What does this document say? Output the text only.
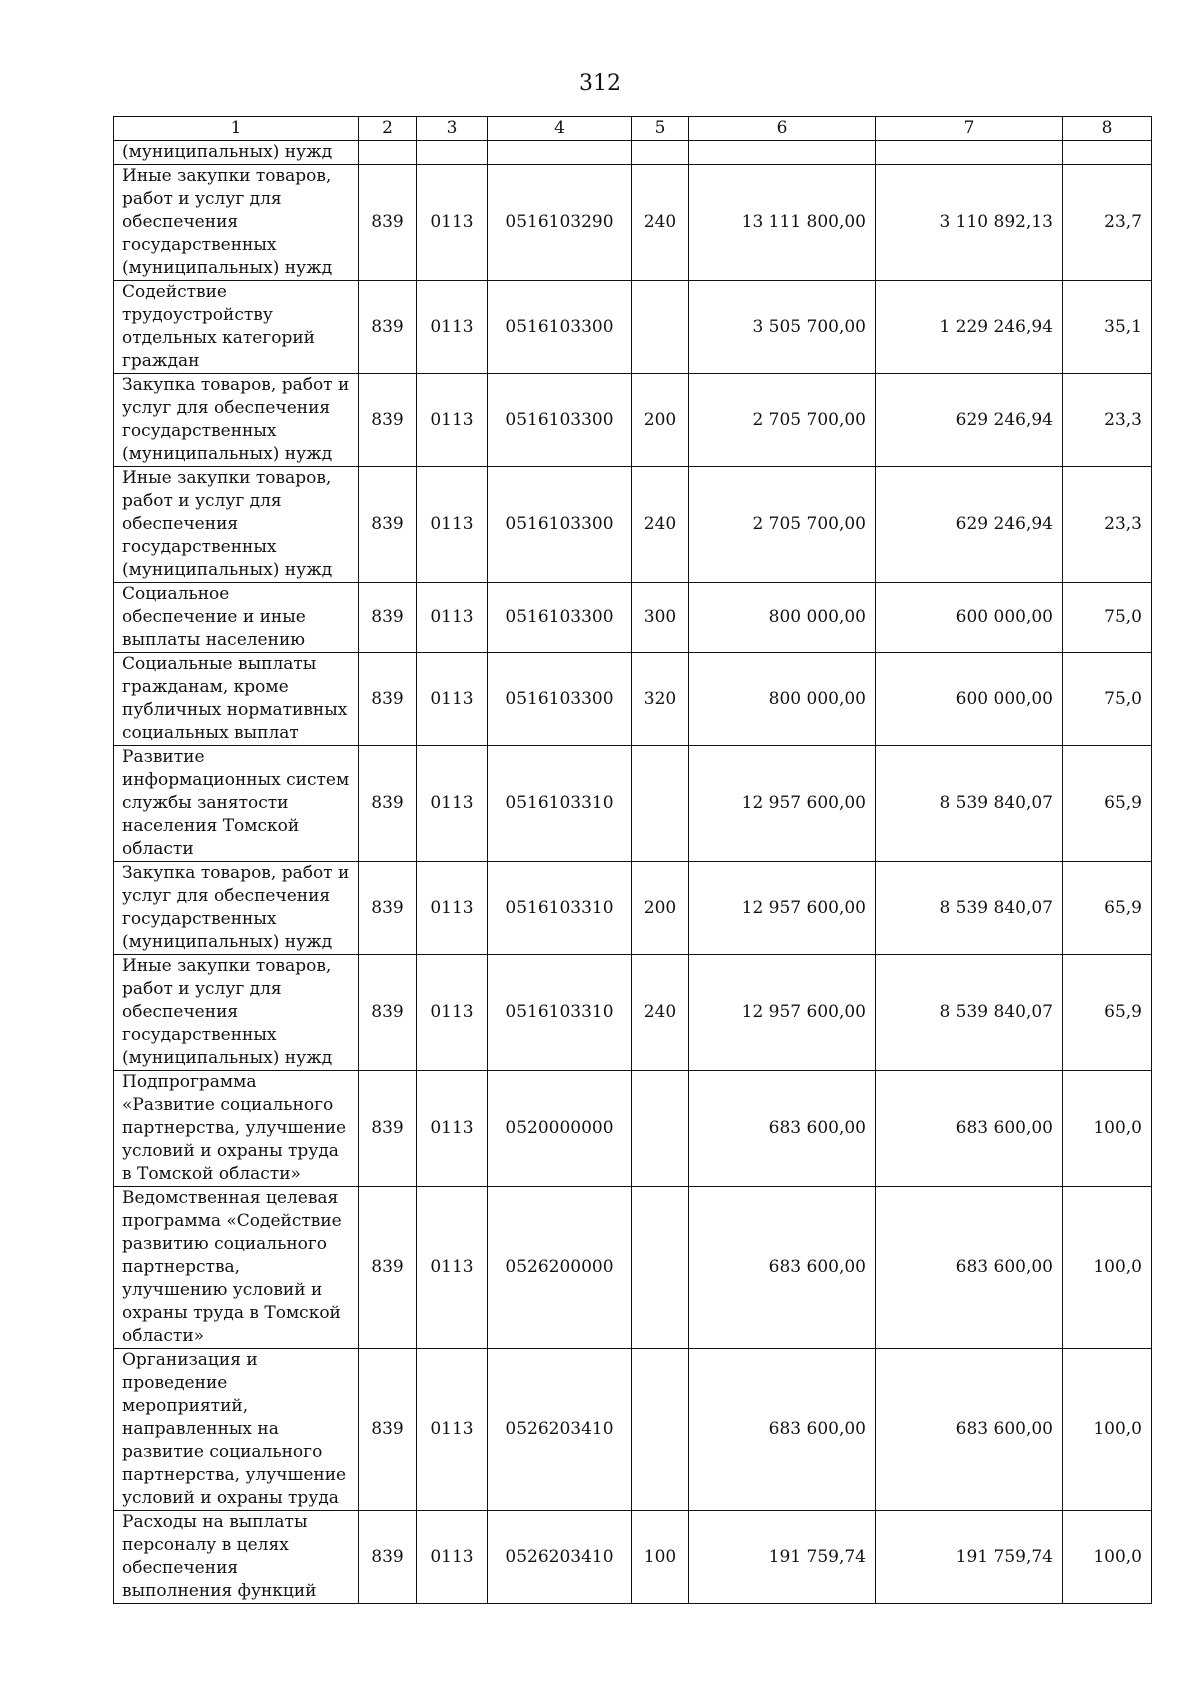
312
1	2	3	4	5	6	7	8
(муниципальных) нужд							
Иные закупки товаров, работ и услуг для обеспечения государственных (муниципальных) нужд	839	0113	0516103290	240	13 111 800,00	3 110 892,13	23,7
Содействие трудоустройству отдельных категорий граждан	839	0113	0516103300		3 505 700,00	1 229 246,94	35,1
Закупка товаров, работ и услуг для обеспечения государственных (муниципальных) нужд	839	0113	0516103300	200	2 705 700,00	629 246,94	23,3
Иные закупки товаров, работ и услуг для обеспечения государственных (муниципальных) нужд	839	0113	0516103300	240	2 705 700,00	629 246,94	23,3
Социальное обеспечение и иные выплаты населению	839	0113	0516103300	300	800 000,00	600 000,00	75,0
Социальные выплаты гражданам, кроме публичных нормативных социальных выплат	839	0113	0516103300	320	800 000,00	600 000,00	75,0
Развитие информационных систем службы занятости населения Томской области	839	0113	0516103310		12 957 600,00	8 539 840,07	65,9
Закупка товаров, работ и услуг для обеспечения государственных (муниципальных) нужд	839	0113	0516103310	200	12 957 600,00	8 539 840,07	65,9
Иные закупки товаров, работ и услуг для обеспечения государственных (муниципальных) нужд	839	0113	0516103310	240	12 957 600,00	8 539 840,07	65,9
Подпрограмма «Развитие социального партнерства, улучшение условий и охраны труда в Томской области»	839	0113	0520000000		683 600,00	683 600,00	100,0
Ведомственная целевая программа «Содействие развитию социального партнерства, улучшению условий и охраны труда в Томской области»	839	0113	0526200000		683 600,00	683 600,00	100,0
Организация и проведение мероприятий, направленных на развитие социального партнерства, улучшение условий и охраны труда	839	0113	0526203410		683 600,00	683 600,00	100,0
Расходы на выплаты персоналу в целях обеспечения выполнения функций	839	0113	0526203410	100	191 759,74	191 759,74	100,0
